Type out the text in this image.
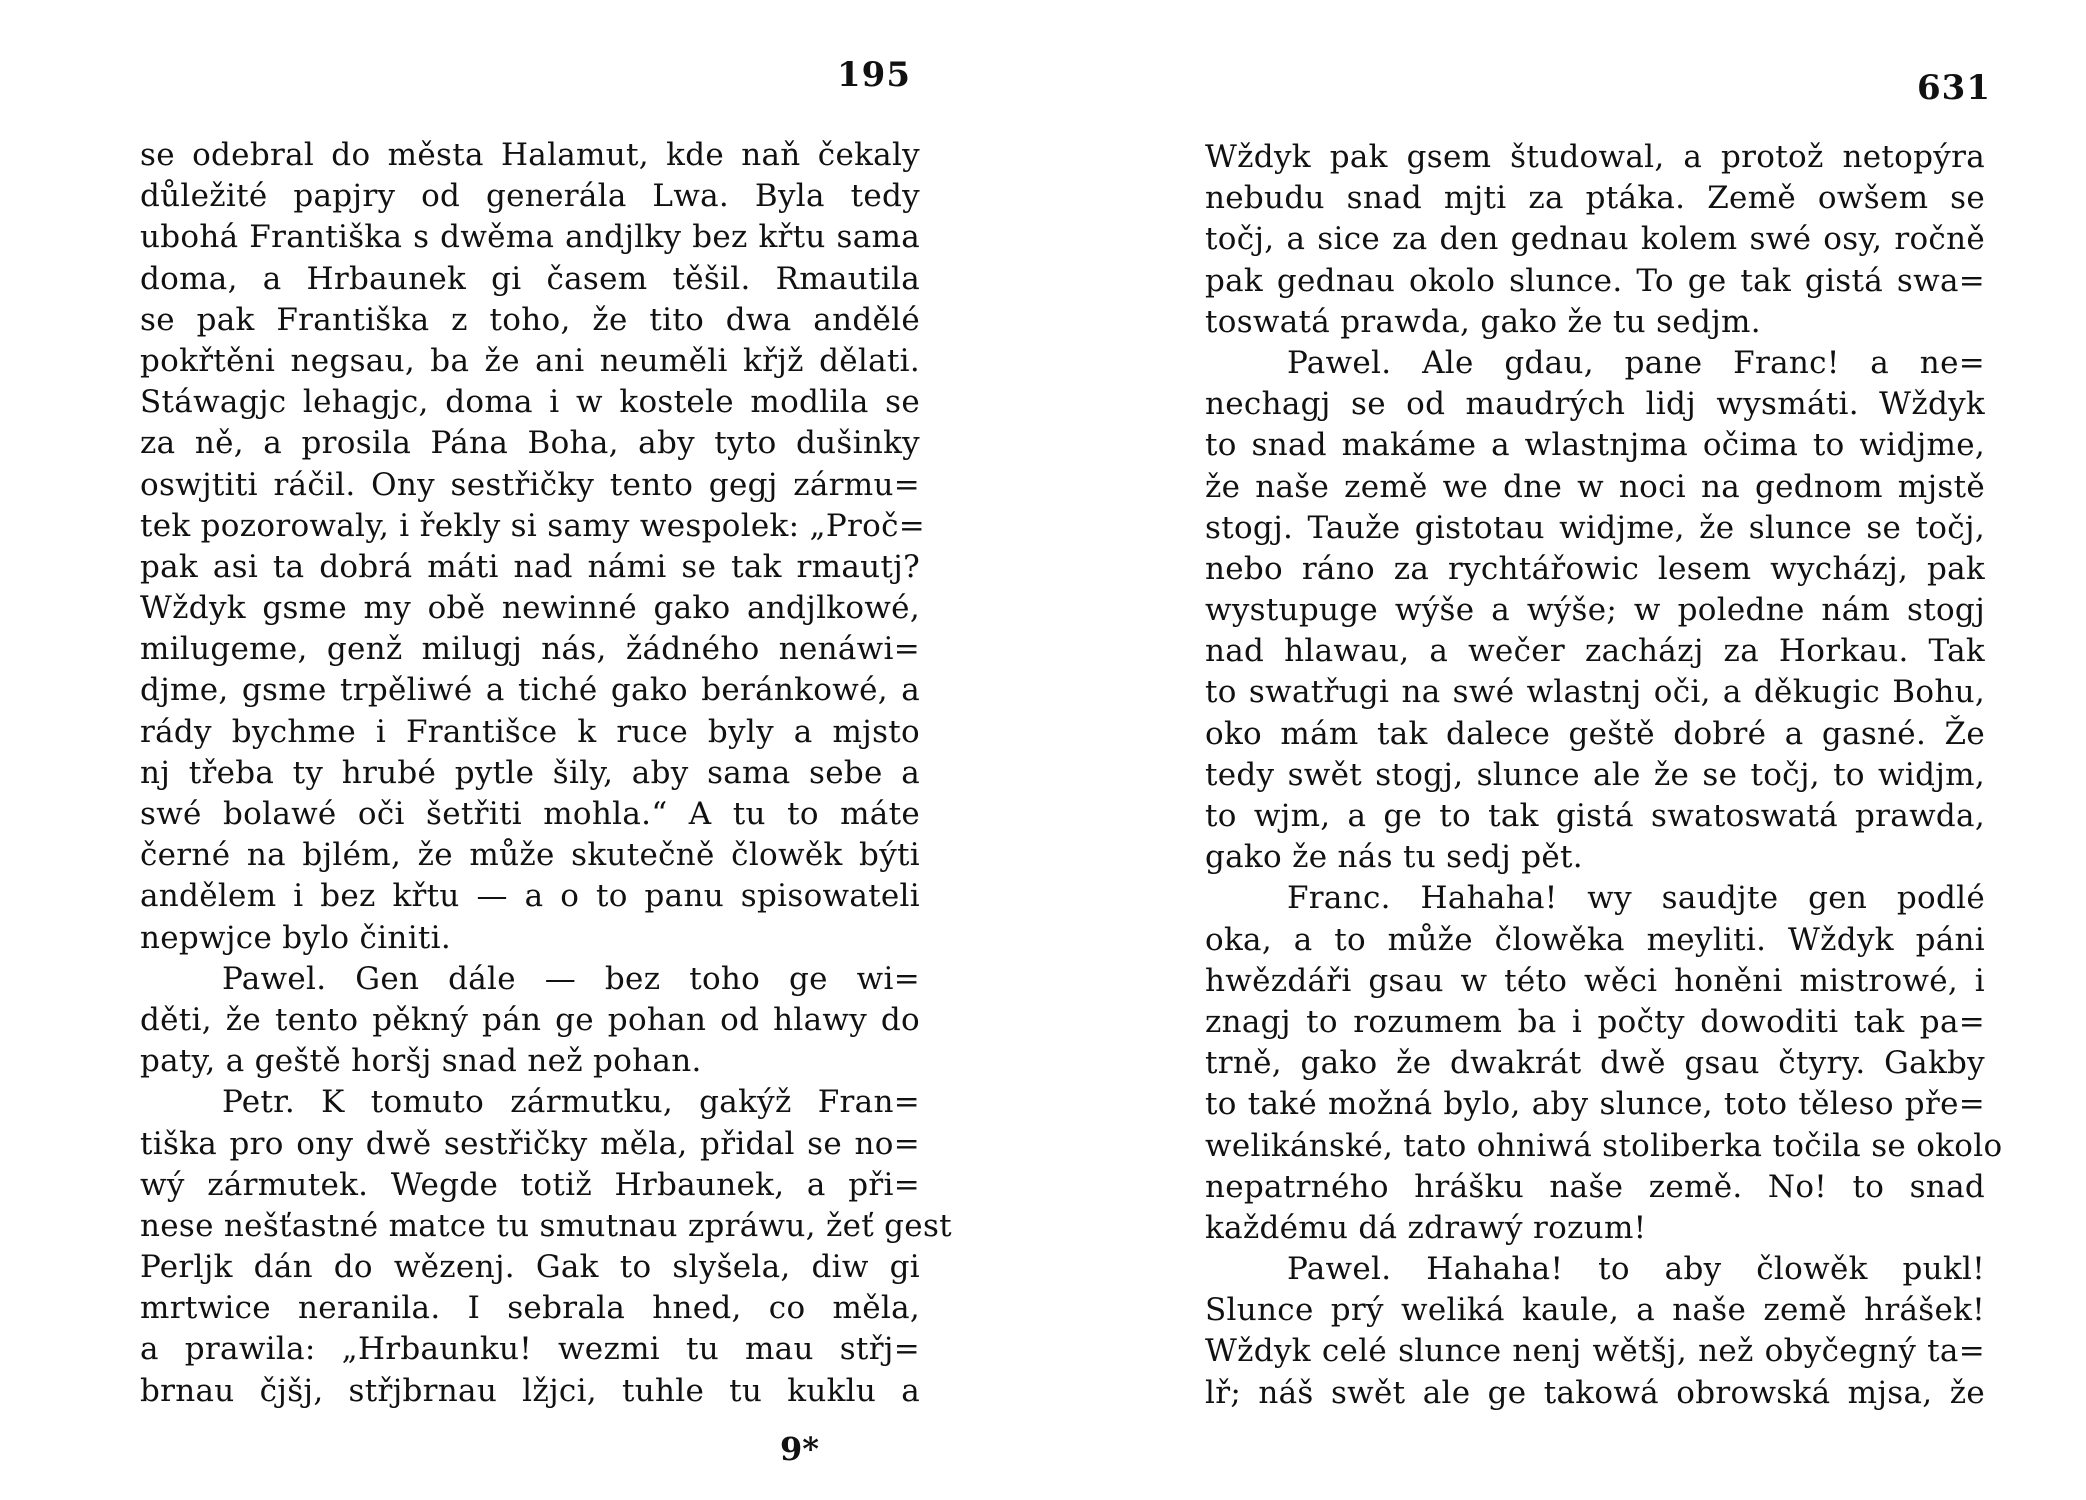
195
se odebral do města Halamut, kde naň čekaly
důležité papjry od generála Lwa. Byla tedy
ubohá Františka s dwěma andjlky bez křtu sama
doma, a Hrbaunek gi časem těšil. Rmautila
se pak Františka z toho, že tito dwa andělé
pokřtěni negsau, ba že ani neuměli křjž dělati.
Stáwagjc lehagjc, doma i w kostele modlila se
za ně, a prosila Pána Boha, aby tyto dušinky
oswjtiti ráčil. Ony sestřičky tento gegj zármu=
tek pozorowaly, i řekly si samy wespolek: „Proč=
pak asi ta dobrá máti nad námi se tak rmautj?
Wždyk gsme my obě newinné gako andjlkowé,
milugeme, genž milugj nás, žádného nenáwi=
djme, gsme trpěliwé a tiché gako beránkowé, a
rády bychme i Františce k ruce byly a mjsto
nj třeba ty hrubé pytle šily, aby sama sebe a
swé bolawé oči šetřiti mohla.“ A tu to máte
černé na bjlém, že může skutečně člowěk býti
andělem i bez křtu — a o to panu spisowateli
nepwjce bylo činiti.
Pawel. Gen dále — bez toho ge wi=
děti, že tento pěkný pán ge pohan od hlawy do
paty, a geště horšj snad než pohan.
Petr. K tomuto zármutku, gakýž Fran=
tiška pro ony dwě sestřičky měla, přidal se no=
wý zármutek. Wegde totiž Hrbaunek, a při=
nese nešťastné matce tu smutnau zpráwu, žeť gest
Perljk dán do wězenj. Gak to slyšela, diw gi
mrtwice neranila. I sebrala hned, co měla,
a prawila: „Hrbaunku! wezmi tu mau střj=
brnau čjšj, střjbrnau lžjci, tuhle tu kuklu a
9*
631
Wždyk pak gsem študowal, a protož netopýra
nebudu snad mjti za ptáka. Země owšem se
točj, a sice za den gednau kolem swé osy, ročně
pak gednau okolo slunce. To ge tak gistá swa=
toswatá prawda, gako že tu sedjm.
Pawel. Ale gdau, pane Franc! a ne=
nechagj se od maudrých lidj wysmáti. Wždyk
to snad makáme a wlastnjma očima to widjme,
že naše země we dne w noci na gednom mjstě
stogj. Tauže gistotau widjme, že slunce se točj,
nebo ráno za rychtářowic lesem wycházj, pak
wystupuge wýše a wýše; w poledne nám stogj
nad hlawau, a wečer zacházj za Horkau. Tak
to swatřugi na swé wlastnj oči, a děkugic Bohu,
oko mám tak dalece geště dobré a gasné. Že
tedy swět stogj, slunce ale že se točj, to widjm,
to wjm, a ge to tak gistá swatoswatá prawda,
gako že nás tu sedj pět.
Franc. Hahaha! wy saudjte gen podlé
oka, a to může člowěka meyliti. Wždyk páni
hwězdáři gsau w této wěci honěni mistrowé, i
znagj to rozumem ba i počty dowoditi tak pa=
trně, gako že dwakrát dwě gsau čtyry. Gakby
to také možná bylo, aby slunce, toto těleso pře=
welikánské, tato ohniwá stoliberka točila se okolo
nepatrného hrášku naše země. No! to snad
každému dá zdrawý rozum!
Pawel. Hahaha! to aby člowěk pukl!
Slunce prý weliká kaule, a naše země hrášek!
Wždyk celé slunce nenj wětšj, než obyčegný ta=
lř; náš swět ale ge takowá obrowská mjsa, že
